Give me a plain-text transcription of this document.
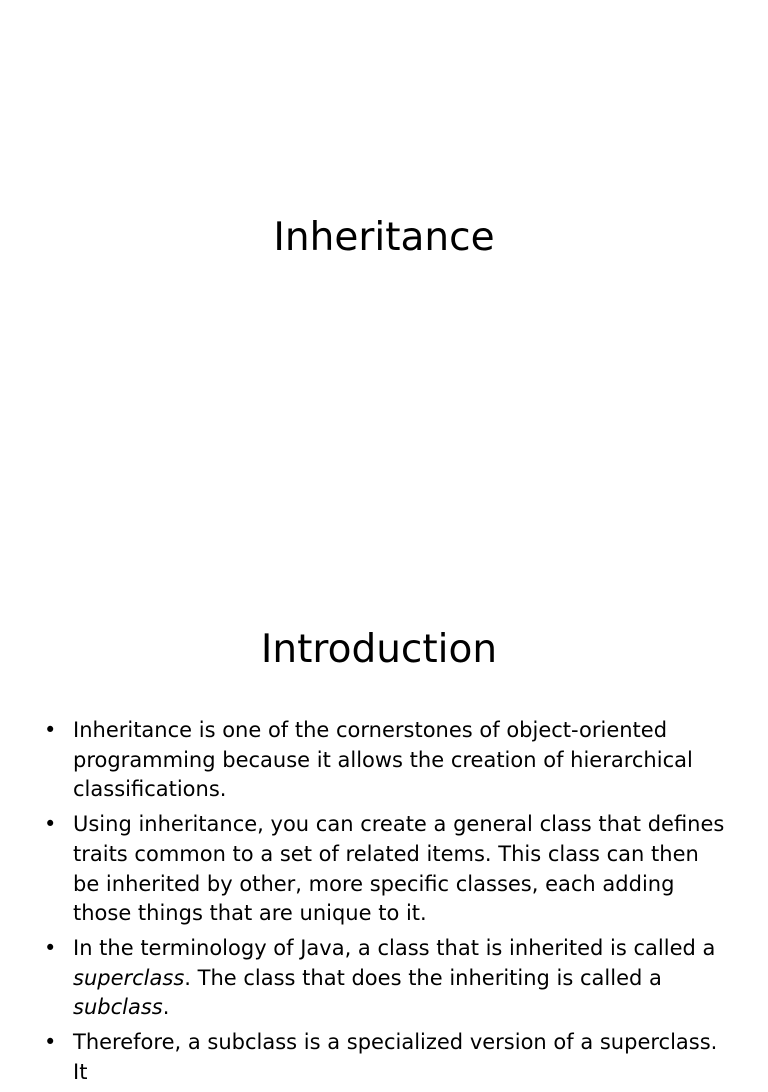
Inheritance
Introduction
• Inheritance is one of the cornerstones of object-oriented programming because it allows the creation of hierarchical classifications.
• Using inheritance, you can create a general class that defines traits common to a set of related items. This class can then be inherited by other, more specific classes, each adding those things that are unique to it.
• In the terminology of Java, a class that is inherited is called a superclass. The class that does the inheriting is called a subclass.
• Therefore, a subclass is a specialized version of a superclass. It
